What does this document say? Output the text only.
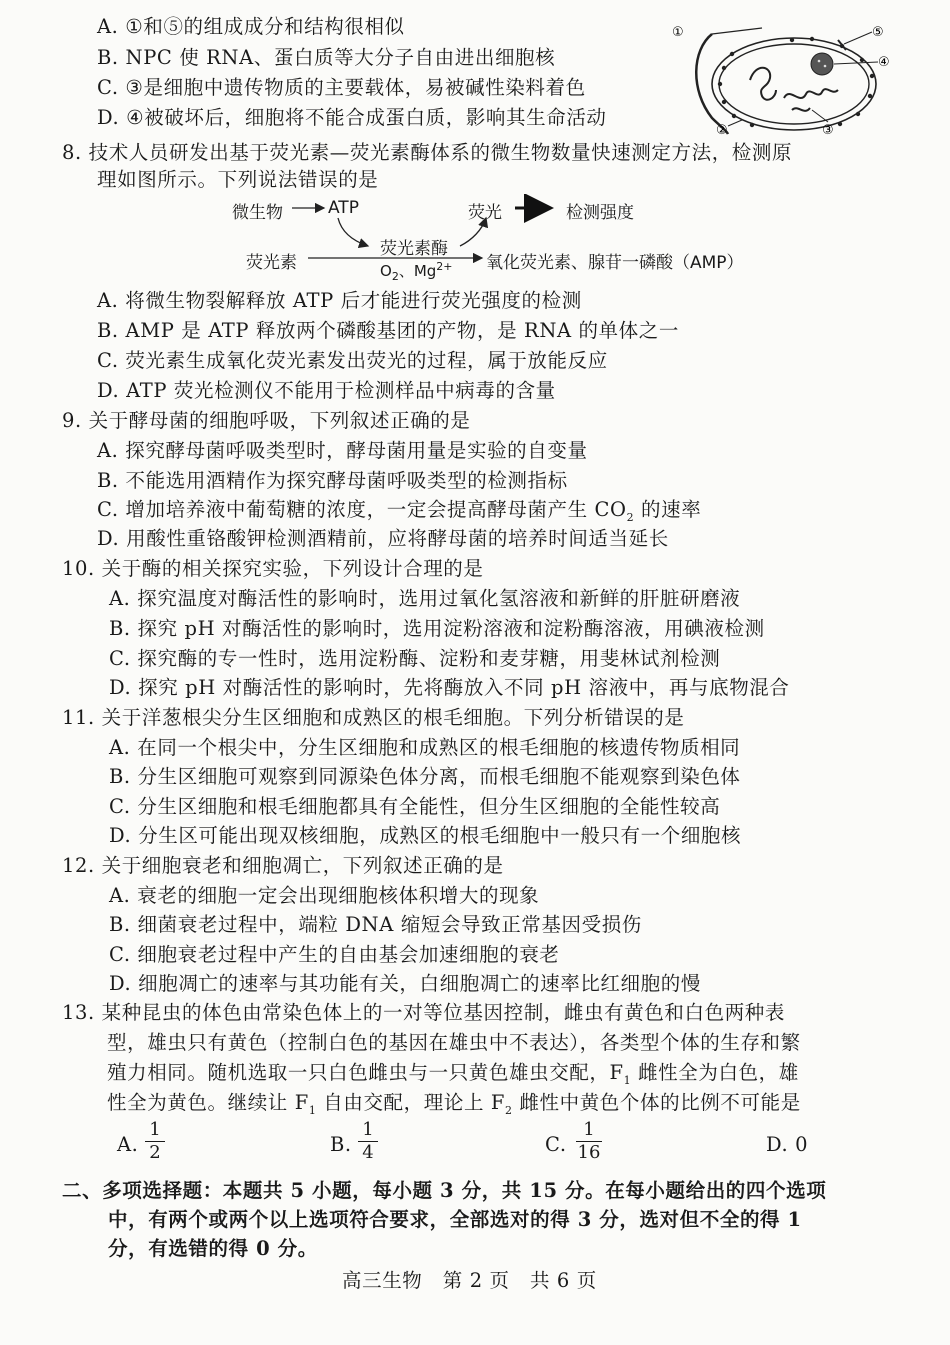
A. ①和⑤的组成成分和结构很相似
B. NPC 使 RNA、蛋白质等大分子自由进出细胞核
C. ③是细胞中遗传物质的主要载体，易被碱性染料着色
D. ④被破坏后，细胞将不能合成蛋白质，影响其生命活动
①
②	③
④
⑤
8. 技术人员研发出基于荧光素—荧光素酶体系的微生物数量快速测定方法，检测原
理如图所示。下列说法错误的是
微生物	ATP	荧光	检测强度
荧光素
荧光素酶
$O_2$、$Mg^{2+}$ 氧化荧光素、腺苷一磷酸（AMP）
A. 将微生物裂解释放 ATP 后才能进行荧光强度的检测
B. AMP 是 ATP 释放两个磷酸基团的产物，是 RNA 的单体之一
C. 荧光素生成氧化荧光素发出荧光的过程，属于放能反应
D. ATP 荧光检测仪不能用于检测样品中病毒的含量
9. 关于酵母菌的细胞呼吸，下列叙述正确的是
A. 探究酵母菌呼吸类型时，酵母菌用量是实验的自变量
B. 不能选用酒精作为探究酵母菌呼吸类型的检测指标
C. 增加培养液中葡萄糖的浓度，一定会提高酵母菌产生 $CO_2$ 的速率
D. 用酸性重铬酸钾检测酒精前，应将酵母菌的培养时间适当延长
10. 关于酶的相关探究实验，下列设计合理的是
A. 探究温度对酶活性的影响时，选用过氧化氢溶液和新鲜的肝脏研磨液
B. 探究 pH 对酶活性的影响时，选用淀粉溶液和淀粉酶溶液，用碘液检测
C. 探究酶的专一性时，选用淀粉酶、淀粉和麦芽糖，用斐林试剂检测
D. 探究 pH 对酶活性的影响时，先将酶放入不同 pH 溶液中，再与底物混合
11. 关于洋葱根尖分生区细胞和成熟区的根毛细胞。下列分析错误的是
A. 在同一个根尖中，分生区细胞和成熟区的根毛细胞的核遗传物质相同
B. 分生区细胞可观察到同源染色体分离，而根毛细胞不能观察到染色体
C. 分生区细胞和根毛细胞都具有全能性，但分生区细胞的全能性较高
D. 分生区可能出现双核细胞，成熟区的根毛细胞中一般只有一个细胞核
12. 关于细胞衰老和细胞凋亡，下列叙述正确的是
A. 衰老的细胞一定会出现细胞核体积增大的现象
B. 细菌衰老过程中，端粒 DNA 缩短会导致正常基因受损伤
C. 细胞衰老过程中产生的自由基会加速细胞的衰老
D. 细胞凋亡的速率与其功能有关，白细胞凋亡的速率比红细胞的慢
13. 某种昆虫的体色由常染色体上的一对等位基因控制，雌虫有黄色和白色两种表
型，雄虫只有黄色（控制白色的基因在雄虫中不表达），各类型个体的生存和繁
殖力相同。随机选取一只白色雌虫与一只黄色雄虫交配，$F_1$ 雌性全为白色，雄
性全为黄色。继续让 $F_1$ 自由交配，理论上 $F_2$ 雌性中黄色个体的比例不可能是
A.
1
2	B.
1
4	C.
1
16	D. 0
二、多项选择题：本题共 5 小题，每小题 3 分，共 15 分。在每小题给出的四个选项
中，有两个或两个以上选项符合要求，全部选对的得 3 分，选对但不全的得 1
分，有选错的得 0 分。
高三生物   第 2 页   共 6 页
